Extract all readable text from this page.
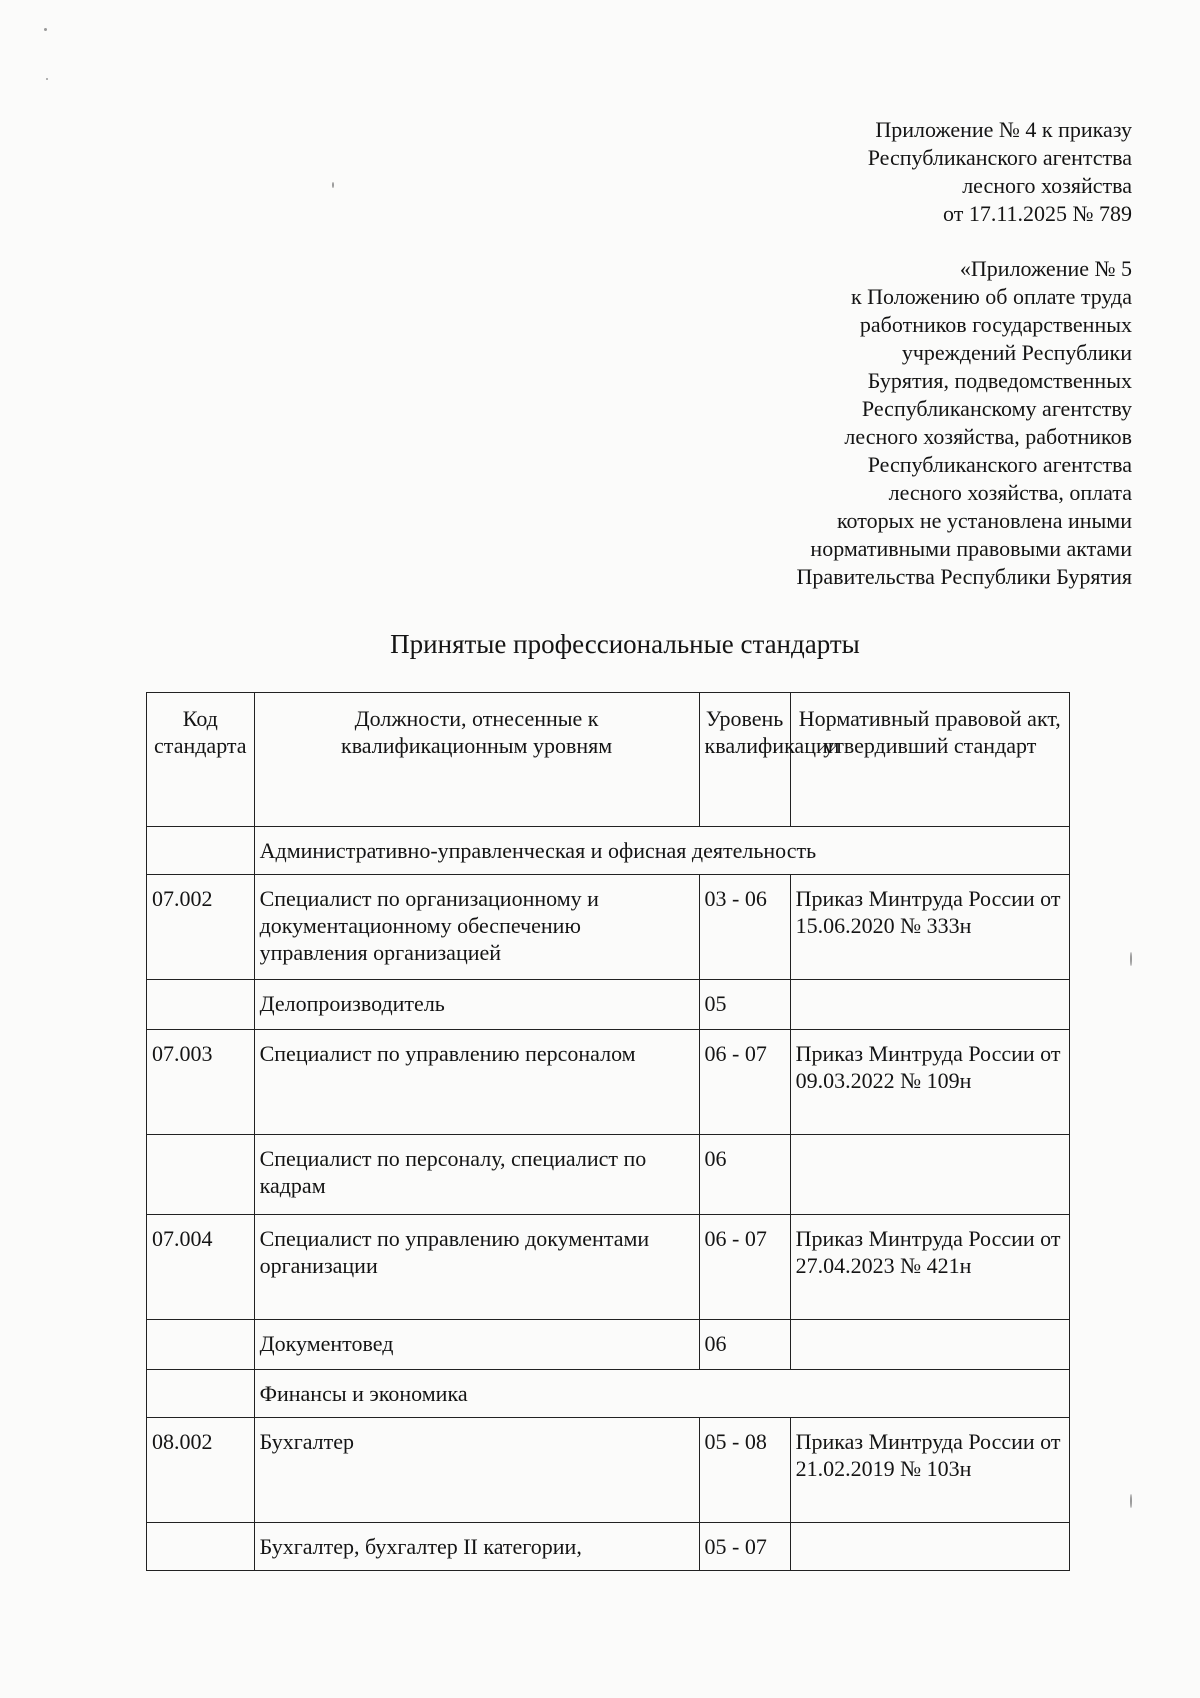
Приложение № 4 к приказу
Республиканского агентства
лесного хозяйства
от 17.11.2025 № 789
«Приложение № 5
к Положению об оплате труда
работников государственных
учреждений Республики
Бурятия, подведомственных
Республиканскому агентству
лесного хозяйства, работников
Республиканского агентства
лесного хозяйства, оплата
которых не установлена иными
нормативными правовыми актами
Правительства Республики Бурятия
Принятые профессиональные стандарты
Код стандарта	Должности, отнесенные к квалификационным уровням	Уровень квалификации	Нормативный правовой акт, утвердивший стандарт
	Административно-управленческая и офисная деятельность		
07.002	Специалист по организационному и документационному обеспечению управления организацией	03 - 06	Приказ Минтруда России от 15.06.2020 № 333н
	Делопроизводитель	05	
07.003	Специалист по управлению персоналом	06 - 07	Приказ Минтруда России от 09.03.2022 № 109н
	Специалист по персоналу, специалист по кадрам	06	
07.004	Специалист по управлению документами организации	06 - 07	Приказ Минтруда России от 27.04.2023 № 421н
	Документовед	06	
	Финансы и экономика		
08.002	Бухгалтер	05 - 08	Приказ Минтруда России от 21.02.2019 № 103н
	Бухгалтер, бухгалтер II категории,	05 - 07	
